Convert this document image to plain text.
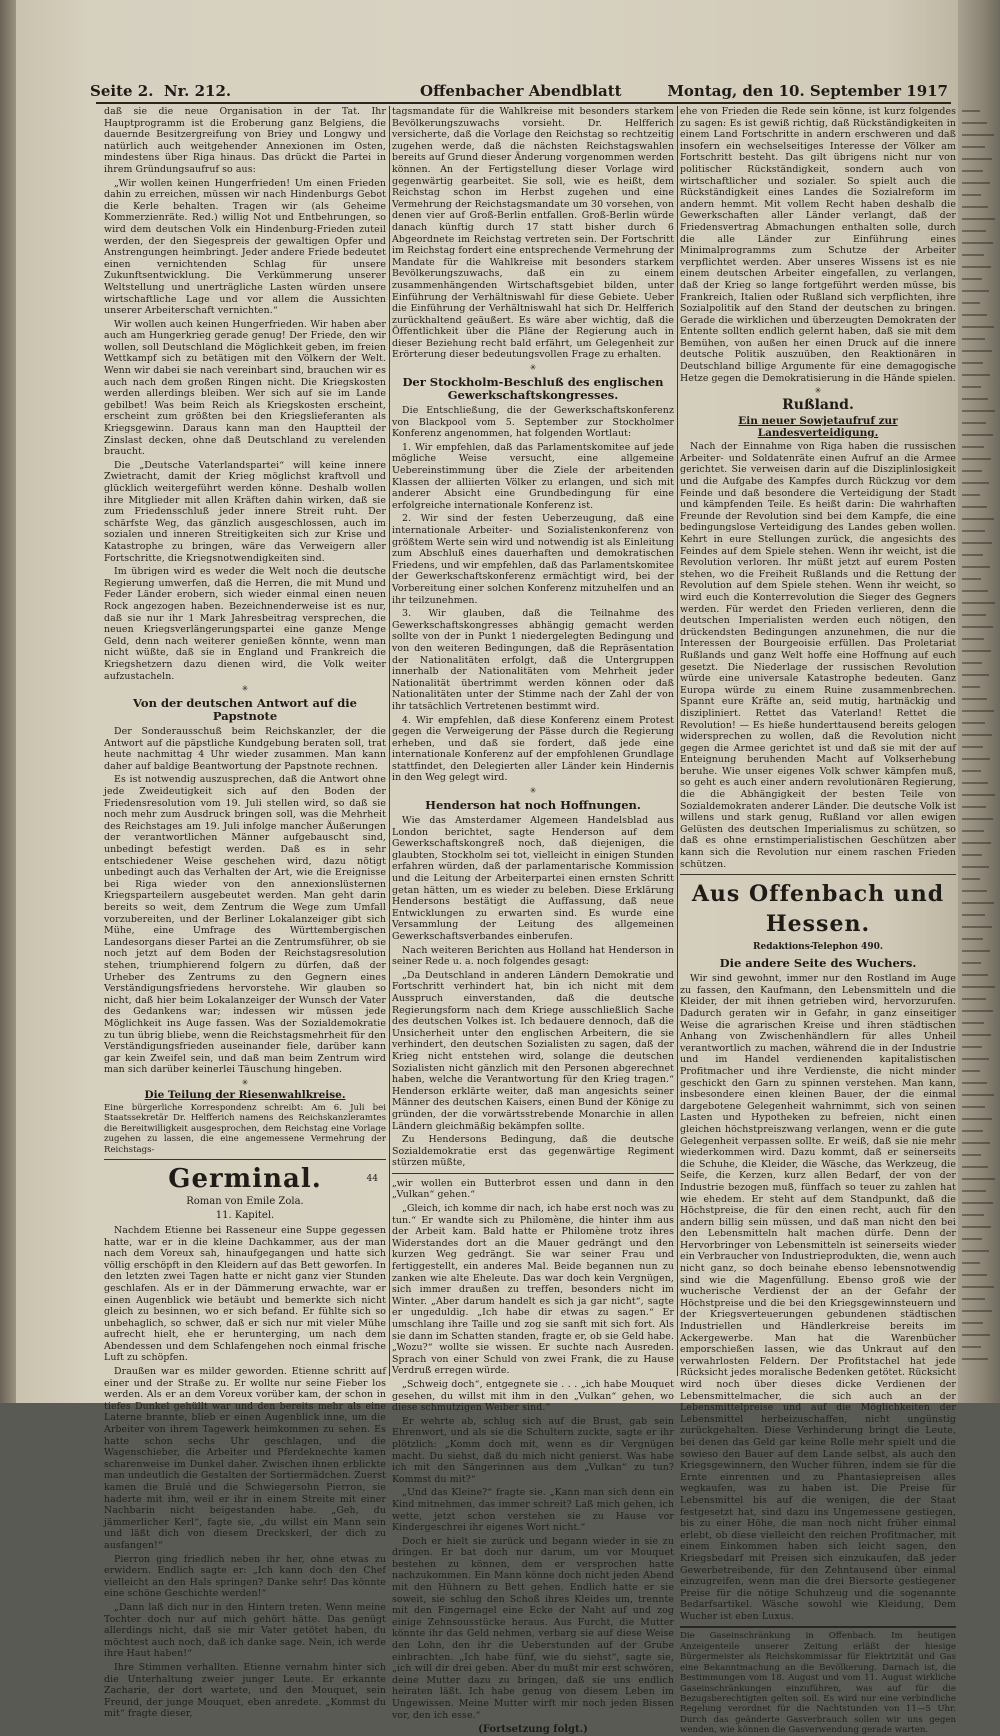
Seite 2. Nr. 212.	Offenbacher Abendblatt	Montag, den 10. September 1917

daß sie die neue Organisation in der Tat. Ihr Hauptprogramm ist die Eroberung ganz Belgiens, die dauernde Besitzergreifung von Briey und Longwy und natürlich auch weitgehender Annexionen im Osten, mindestens über Riga hinaus. Das drückt die Partei in ihrem Gründungsaufruf so aus:

„Wir wollen keinen Hungerfrieden! Um einen Frieden dahin zu erreichen, müssen wir nach Hindenburgs Gebot die Kerle behalten. Tragen wir (als Geheime Kommerzienräte. Red.) willig Not und Entbehrungen, so wird dem deutschen Volk ein Hindenburg-Frieden zuteil werden, der den Siegespreis der gewaltigen Opfer und Anstrengungen heimbringt. Jeder andere Friede bedeutet einen vernichtenden Schlag für unsere Zukunftsentwicklung. Die Verkümmerung unserer Weltstellung und unerträgliche Lasten würden unsere wirtschaftliche Lage und vor allem die Aussichten unserer Arbeiterschaft vernichten.“

Wir wollen auch keinen Hungerfrieden. Wir haben aber auch am Hungerkrieg gerade genug! Der Friede, den wir wollen, soll Deutschland die Möglichkeit geben, im freien Wettkampf sich zu betätigen mit den Völkern der Welt. Wenn wir dabei sie nach vereinbart sind, brauchen wir es auch nach dem großen Ringen nicht. Die Kriegskosten werden allerdings bleiben. Wer sich auf sie im Lande gebilbet! Was beim Reich als Kriegskosten erscheint, erscheint zum größten bei den Kriegslieferanten als Kriegsgewinn. Daraus kann man den Hauptteil der Zinslast decken, ohne daß Deutschland zu verelenden braucht.

Die „Deutsche Vaterlandspartei“ will keine innere Zwietracht, damit der Krieg möglichst kraftvoll und glücklich weitergeführt werden könne. Deshalb wollen ihre Mitglieder mit allen Kräften dahin wirken, daß sie zum Friedensschluß jeder innere Streit ruht. Der schärfste Weg, das gänzlich ausgeschlossen, auch im sozialen und inneren Streitigkeiten sich zur Krise und Katastrophe zu bringen, wäre das Verweigern aller Fortschritte, die Kriegsnotwendigkeiten sind.

Im übrigen wird es weder die Welt noch die deutsche Regierung umwerfen, daß die Herren, die mit Mund und Feder Länder erobern, sich wieder einmal einen neuen Rock angezogen haben. Bezeichnenderweise ist es nur, daß sie nur ihr 1 Mark Jahresbeitrag versprechen, die neuen Kriegsverlängerungspartei eine ganze Menge Geld, denn nach weiterer genießen könnte, wenn man nicht wüßte, daß sie in England und Frankreich die Kriegshetzern dazu dienen wird, die Volk weiter aufzustacheln.

✳
Von der deutschen Antwort auf die Papstnote

Der Sonderausschuß beim Reichskanzler, der die Antwort auf die päpstliche Kundgebung beraten soll, trat heute nachmittag 4 Uhr wieder zusammen. Man kann daher auf baldige Beantwortung der Papstnote rechnen.

Es ist notwendig auszusprechen, daß die Antwort ohne jede Zweideutigkeit sich auf den Boden der Friedensresolution vom 19. Juli stellen wird, so daß sie noch mehr zum Ausdruck bringen soll, was die Mehrheit des Reichstages am 19. Juli infolge mancher Äußerungen der verantwortlichen Männer aufgebauscht sind, unbedingt befestigt werden. Daß es in sehr entschiedener Weise geschehen wird, dazu nötigt unbedingt auch das Verhalten der Art, wie die Ereignisse bei Riga wieder von den annexionslüsternen Kriegsparteilern ausgebeutet werden. Man geht darin bereits so weit, dem Zentrum die Wege zum Umfall vorzubereiten, und der Berliner Lokalanzeiger gibt sich Mühe, eine Umfrage des Württembergischen Landesorgans dieser Partei an die Zentrumsführer, ob sie noch jetzt auf dem Boden der Reichstagsresolution stehen, triumphierend folgern zu dürfen, daß der Urheber des Zentrums zu den Gegnern eines Verständigungsfriedens hervorstehe. Wir glauben so nicht, daß hier beim Lokalanzeiger der Wunsch der Vater des Gedankens war; indessen wir müssen jede Möglichkeit ins Auge fassen. Was der Sozialdemokratie zu tun übrig bliebe, wenn die Reichstagsmehrheit für den Verständigungsfrieden auseinander fiele, darüber kann gar kein Zweifel sein, und daß man beim Zentrum wird man sich darüber keinerlei Täuschung hingeben.

✳
Die Teilung der Riesenwahlkreise.

Eine bürgerliche Korrespondenz schreibt: Am 6. Juli bei Staatssekretär Dr. Helfferich namens des Reichskanzleramtes die Bereitwilligkeit ausgesprochen, dem Reichstag eine Vorlage zugehen zu lassen, die eine angemessene Vermehrung der Reichstags-

Germinal.	44
Roman von Emile Zola.
11. Kapitel.

Nachdem Etienne bei Rasseneur eine Suppe gegessen hatte, war er in die kleine Dachkammer, aus der man nach dem Voreux sah, hinaufgegangen und hatte sich völlig erschöpft in den Kleidern auf das Bett geworfen. In den letzten zwei Tagen hatte er nicht ganz vier Stunden geschlafen. Als er in der Dämmerung erwachte, war er einen Augenblick wie betäubt und bemerkte sich nicht gleich zu besinnen, wo er sich befand. Er fühlte sich so unbehaglich, so schwer, daß er sich nur mit vieler Mühe aufrecht hielt, ehe er herunterging, um nach dem Abendessen und dem Schlafengehen noch einmal frische Luft zu schöpfen.

Draußen war es milder geworden. Etienne schritt auf einer und der Straße zu. Er wollte nur seine Fieber los werden. Als er an dem Voreux vorüber kam, der schon in tiefes Dunkel gehüllt war und den bereits mehr als eine Laterne brannte, blieb er einen Augenblick inne, um die Arbeiter von ihrem Tagewerk heimkommen zu sehen. Es hatte schon sechs Uhr geschlagen, und die Wagenschieber, die Arbeiter und Pferdeknechte kamen scharenweise im Dunkel daher. Zwischen ihnen erblickte man undeutlich die Gestalten der Sortiermädchen. Zuerst kamen die Brulé und die Schwiegersohn Pierron, sie haderte mit ihm, weil er ihr in einem Streite mit einer Nachbarin nicht beigestanden habe. „Geh, du jämmerlicher Kerl“, fagte sie, „du willst ein Mann sein und läßt dich von diesem Dreckskerl, der dich zu ausfangen!“

Pierron ging friedlich neben ihr her, ohne etwas zu erwidern. Endlich sagte er: „Ich kann doch den Chef vielleicht an den Hals springen? Danke sehr! Das könnte eine schöne Geschichte werden!“

„Dann laß dich nur in den Hintern treten. Wenn meine Tochter doch nur auf mich gehört hätte. Das genügt allerdings nicht, daß sie mir Vater getötet haben, du möchtest auch noch, daß ich danke sage. Nein, ich werde ihre Haut haben!“

Ihre Stimmen verhallten. Etienne vernahm hinter sich die Unterhaltung zweier junger Leute. Er erkannte Zacharie, der dort wartete, und den Mouquet, sein Freund, der junge Mouquet, eben anredete. „Kommst du mit“ fragte dieser,

tagsmandate für die Wahlkreise mit besonders starkem Bevölkerungszuwachs vorsieht. Dr. Helfferich versicherte, daß die Vorlage den Reichstag so rechtzeitig zugehen werde, daß die nächsten Reichstagswahlen bereits auf Grund dieser Änderung vorgenommen werden können. An der Fertigstellung dieser Vorlage wird gegenwärtig gearbeitet. Sie soll, wie es heißt, dem Reichstag schon im Herbst zugehen und eine Vermehrung der Reichstagsmandate um 30 vorsehen, von denen vier auf Groß-Berlin entfallen. Groß-Berlin würde danach künftig durch 17 statt bisher durch 6 Abgeordnete im Reichstag vertreten sein. Der Fortschritt im Reichstag fordert eine entsprechende Vermehrung der Mandate für die Wahlkreise mit besonders starkem Bevölkerungszuwachs, daß ein zu einem zusammenhängenden Wirtschaftsgebiet bilden, unter Einführung der Verhältniswahl für diese Gebiete. Ueber die Einführung der Verhältniswahl hat sich Dr. Helfferich zurückhaltend geäußert. Es wäre aber wichtig, daß die Öffentlichkeit über die Pläne der Regierung auch in dieser Beziehung recht bald erfährt, um Gelegenheit zur Erörterung dieser bedeutungsvollen Frage zu erhalten.

✳
Der Stockholm-Beschluß des englischen Gewerkschaftskongresses.

Die Entschließung, die der Gewerkschaftskonferenz von Blackpool vom 5. September zur Stockholmer Konferenz angenommen, hat folgenden Wortlaut:

1. Wir empfehlen, daß das Parlamentskomitee auf jede mögliche Weise versucht, eine allgemeine Uebereinstimmung über die Ziele der arbeitenden Klassen der alliierten Völker zu erlangen, und sich mit anderer Absicht eine Grundbedingung für eine erfolgreiche internationale Konferenz ist.

2. Wir sind der festen Ueberzeugung, daß eine internationale Arbeiter- und Sozialistenkonferenz von größtem Werte sein wird und notwendig ist als Einleitung zum Abschluß eines dauerhaften und demokratischen Friedens, und wir empfehlen, daß das Parlamentskomitee der Gewerkschaftskonferenz ermächtigt wird, bei der Vorbereitung einer solchen Konferenz mitzuhelfen und an ihr teilzunehmen.

3. Wir glauben, daß die Teilnahme des Gewerkschaftskongresses abhängig gemacht werden sollte von der in Punkt 1 niedergelegten Bedingung und von den weiteren Bedingungen, daß die Repräsentation der Nationalitäten erfolgt, daß die Untergruppen innerhalb der Nationalitäten vom Mehrheit jeder Nationalität übertrimmt werden können oder daß Nationalitäten unter der Stimme nach der Zahl der von ihr tatsächlich Vertretenen bestimmt wird.

4. Wir empfehlen, daß diese Konferenz einem Protest gegen die Verweigerung der Pässe durch die Regierung erheben, und daß sie fordert, daß jede eine internationale Konferenz auf der empfohlenen Grundlage stattfindet, den Delegierten aller Länder kein Hindernis in den Weg gelegt wird.

✳
Henderson hat noch Hoffnungen.

Wie das Amsterdamer Algemeen Handelsblad aus London berichtet, sagte Henderson auf dem Gewerkschaftskongreß noch, daß diejenigen, die glaubten, Stockholm sei tot, vielleicht in einigen Stunden erfahren würden, daß der parlamentarische Kommission und die Leitung der Arbeiterpartei einen ernsten Schritt getan hätten, um es wieder zu beleben. Diese Erklärung Hendersons bestätigt die Auffassung, daß neue Entwicklungen zu erwarten sind. Es wurde eine Versammlung der Leitung des allgemeinen Gewerkschaftsverbandes einberufen.

Nach weiteren Berichten aus Holland hat Henderson in seiner Rede u. a. noch folgendes gesagt:

„Da Deutschland in anderen Ländern Demokratie und Fortschritt verhindert hat, bin ich nicht mit dem Ausspruch einverstanden, daß die deutsche Regierungsform nach dem Kriege ausschließlich Sache des deutschen Volkes ist. Ich bedauere dennoch, daß die Unsicherheit unter den englischen Arbeitern, die sie verhindert, den deutschen Sozialisten zu sagen, daß der Krieg nicht entstehen wird, solange die deutschen Sozialisten nicht gänzlich mit den Personen abgerechnet haben, welche die Verantwortung für den Krieg tragen.“ Henderson erklärte weiter, daß man angesichts seiner Männer des deutschen Kaisers, einen Bund der Könige zu gründen, der die vorwärtsstrebende Monarchie in allen Ländern gleichmäßig bekämpfen sollte.

Zu Hendersons Bedingung, daß die deutsche Sozialdemokratie erst das gegenwärtige Regiment stürzen müßte,

„wir wollen ein Butterbrot essen und dann in den „Vulkan“ gehen.“

„Gleich, ich komme dir nach, ich habe erst noch was zu tun.“ Er wandte sich zu Philomène, die hinter ihm aus der Arbeit kam. Bald hatte er Philomène trotz ihres Widerstandes dort an die Mauer gedrängt und den kurzen Weg gedrängt. Sie war seiner Frau und fertiggestellt, ein anderes Mal. Beide begannen nun zu zanken wie alte Eheleute. Das war doch kein Vergnügen, sich immer draußen zu treffen, besonders nicht im Winter. „Aber darum handelt es sich ja gar nicht“, sagte er ungeduldig. „Ich habe dir etwas zu sagen.“ Er umschlang ihre Taille und zog sie sanft mit sich fort. Als sie dann im Schatten standen, fragte er, ob sie Geld habe. „Wozu?“ wollte sie wissen. Er suchte nach Ausreden. Sprach von einer Schuld von zwei Frank, die zu Hause Verdruß erregen würde.

„Schweig doch“, entgegnete sie . . . „ich habe Mouquet gesehen, du willst mit ihm in den „Vulkan“ gehen, wo diese schmutzigen Weiber sind.“

Er wehrte ab, schlug sich auf die Brust, gab sein Ehrenwort, und als sie die Schultern zuckte, sagte er ihr plötzlich: „Komm doch mit, wenn es dir Vergnügen macht. Du siehst, daß du mich nicht genierst. Was habe ich mit den Sängerinnen aus dem „Vulkan“ zu tun? Kommst du mit?“

„Und das Kleine?“ fragte sie. „Kann man sich denn ein Kind mitnehmen, das immer schreit? Laß mich gehen, ich wette, jetzt schon verstehen sie zu Hause vor Kindergeschrei ihr eigenes Wort nicht.“

Doch er hielt sie zurück und begann wieder in sie zu dringen. Er bat doch nur darum, um vor Mouquet bestehen zu können, dem er versprochen hatte nachzukommen. Ein Mann könne doch nicht jeden Abend mit den Hühnern zu Bett gehen. Endlich hatte er sie soweit, sie schlug den Schoß ihres Kleides um, trennte mit den Fingernagel eine Ecke der Naht auf und zog einige Zehnsousstücke heraus. Aus Furcht, die Mutter könnte ihr das Geld nehmen, verbarg sie auf diese Weise den Lohn, den ihr die Ueberstunden auf der Grube einbrachten. „Ich habe fünf, wie du siehst“, sagte sie, „ich will dir drei geben. Aber du mußt mir erst schwören, deine Mutter dazu zu bringen, daß sie uns endlich heiraten läßt. Ich habe genug von diesem Leben im Ungewissen. Meine Mutter wirft mir noch jeden Bissen vor, den ich esse.“

(Fortsetzung folgt.)

ehe von Frieden die Rede sein könne, ist kurz folgendes zu sagen: Es ist gewiß richtig, daß Rückständigkeiten in einem Land Fortschritte in andern erschweren und daß insofern ein wechselseitiges Interesse der Völker am Fortschritt besteht. Das gilt übrigens nicht nur von politischer Rückständigkeit, sondern auch von wirtschaftlicher und sozialer. So spielt auch die Rückständigkeit eines Landes die Sozialreform im andern hemmt. Mit vollem Recht haben deshalb die Gewerkschaften aller Länder verlangt, daß der Friedensvertrag Abmachungen enthalten solle, durch die alle Länder zur Einführung eines Minimalprogramms zum Schutze der Arbeiter verpflichtet werden. Aber unseres Wissens ist es nie einem deutschen Arbeiter eingefallen, zu verlangen, daß der Krieg so lange fortgeführt werden müsse, bis Frankreich, Italien oder Rußland sich verpflichten, ihre Sozialpolitik auf den Stand der deutschen zu bringen. Gerade die wirklichen und überzeugten Demokraten der Entente sollten endlich gelernt haben, daß sie mit dem Bemühen, von außen her einen Druck auf die innere deutsche Politik auszuüben, den Reaktionären in Deutschland billige Argumente für eine demagogische Hetze gegen die Demokratisierung in die Hände spielen.

✳
Rußland.
Ein neuer Sowjetaufruf zur Landesverteidigung.

Nach der Einnahme von Riga haben die russischen Arbeiter- und Soldatenräte einen Aufruf an die Armee gerichtet. Sie verweisen darin auf die Disziplinlosigkeit und die Aufgabe des Kampfes durch Rückzug vor dem Feinde und daß besondere die Verteidigung der Stadt und kämpfenden Teile. Es heißt darin: Die wahrhaften Freunde der Revolution sind bei dem Kampfe, die eine bedingungslose Verteidigung des Landes geben wollen. Kehrt in eure Stellungen zurück, die angesichts des Feindes auf dem Spiele stehen. Wenn ihr weicht, ist die Revolution verloren. Ihr müßt jetzt auf eurem Posten stehen, wo die Freiheit Rußlands und die Rettung der Revolution auf dem Spiele stehen. Wenn ihr weicht, so wird euch die Konterrevolution die Sieger des Gegners werden. Für werdet den Frieden verlieren, denn die deutschen Imperialisten werden euch nötigen, den drückendsten Bedingungen anzunehmen, die nur die Interessen der Bourgeoisie erfüllen. Das Proletariat Rußlands und ganz Welt hoffe eine Hoffnung auf euch gesetzt. Die Niederlage der russischen Revolution würde eine universale Katastrophe bedeuten. Ganz Europa würde zu einem Ruine zusammenbrechen. Spannt eure Kräfte an, seid mutig, hartnäckig und diszipliniert. Rettet das Vaterland! Rettet die Revolution! — Es hieße hunderttausend bereits gelogen widersprechen zu wollen, daß die Revolution nicht gegen die Armee gerichtet ist und daß sie mit der auf Enteignung beruhenden Macht auf Volkserhebung beruhe. Wie unser eigenes Volk schwer kämpfen muß, so geht es auch einer andern revolutionären Regierung, die die Abhängigkeit der besten Teile von Sozialdemokraten anderer Länder. Die deutsche Volk ist willens und stark genug, Rußland vor allen ewigen Gelüsten des deutschen Imperialismus zu schützen, so daß es ohne ernstimperialistischen Geschützen aber kann sich die Revolution nur einem raschen Frieden schützen.

Aus Offenbach und Hessen.
Redaktions-Telephon 490.
Die andere Seite des Wuchers.

Wir sind gewohnt, immer nur den Rostland im Auge zu fassen, den Kaufmann, den Lebensmitteln und die Kleider, der mit ihnen getrieben wird, hervorzurufen. Dadurch geraten wir in Gefahr, in ganz einseitiger Weise die agrarischen Kreise und ihren städtischen Anhang von Zwischenhändlern für alles Unheil verantwortlich zu machen, während die in der Industrie und im Handel verdienenden kapitalistischen Profitmacher und ihre Verdienste, die nicht minder geschickt den Garn zu spinnen verstehen. Man kann, insbesondere einen kleinen Bauer, der die einmal dargebotene Gelegenheit wahrnimmt, sich von seinen Lasten und Hypotheken zu befreien, nicht einen gleichen höchstpreiszwang verlangen, wenn er die gute Gelegenheit verpassen sollte. Er weiß, daß sie nie mehr wiederkommen wird. Dazu kommt, daß er seinerseits die Schuhe, die Kleider, die Wäsche, das Werkzeug, die Seife, die Kerzen, kurz allen Bedarf, der von der Industrie bezogen muß, fünffach so teuer zu zahlen hat wie ehedem. Er steht auf dem Standpunkt, daß die Höchstpreise, die für den einen recht, auch für den andern billig sein müssen, und daß man nicht den bei den Lebensmitteln halt machen dürfe. Denn der Hervorbringer von Lebensmitteln ist seinerseits wieder ein Verbraucher von Industrieprodukten, die, wenn auch nicht ganz, so doch beinahe ebenso lebensnotwendig sind wie die Magenfüllung. Ebenso groß wie der wucherische Verdienst der an der Gefahr der Höchstpreise und die bei den Kriegsgewinnsteuern und der Kriegsverteuerungen gebundenen städtischen Industriellen und Händlerkreise bereits im Ackergewerbe. Man hat die Warenbücher emporschießen lassen, wie das Unkraut auf den verwahrlosten Feldern. Der Profitstachel hat jede Rücksicht jedes moralische Bedenken getötet. Rücksicht wird noch über dieses dicke Verdienen der Lebensmittelmacher, die sich auch an der Lebensmittelpreise und auf die Möglichkeiten der Lebensmittel herbeizuschaffen, nicht ungünstig zurückgehalten. Diese Verhinderung bringt die Leute, bei denen das Geld gar keine Rolle mehr spielt und die sowieso den Bauer auf dem Lande selbst, als auch den Kriegsgewinnern, den Wucher führen, indem sie für die Ernte einrennen und zu Phantasiepreisen alles wegkaufen, was zu haben ist. Die Preise für Lebensmittel bis auf die wenigen, die der Staat festgesetzt hat, sind dazu ins Ungemessene gestiegen, bis zu einer Höhe, die man noch nicht früher einmal erlebt, ob diese vielleicht den reichen Profitmacher, mit einem Einkommen haben sich leicht sagen, den Kriegsbedarf mit Preisen sich einzukaufen, daß jeder Gewerbetreibende, für den Zehntausend über einmal einzugreifen, wenn man die drei Biersorte gestiegener Preise für die nötige Schuhzeug und die sogenannte Bedarfsartikel. Wäsche sowohl wie Kleidung, Dem Wucher ist eben Luxus.

Die Gaseinschränkung in Offenbach. Im heutigen Anzeigenteile unserer Zeitung erläßt der hiesige Bürgermeister als Reichskommissar für Elektrizität und Gas eine Bekanntmachung an die Bevölkerung. Darnach ist, die Bestimmungen vom 18. August und vom 11. August wirkliche Gaseinschränkungen einzuführen, was auf für die Bezugsberechtigten gelten soll. Es wird nur eine verbindliche Regelung verordnet für die Nachtstunden von 11—5 Uhr. Durch das geänderte Gasverbrauch sollen wir uns gegen wenden, wie können die Gasverwendung gerade warten.
